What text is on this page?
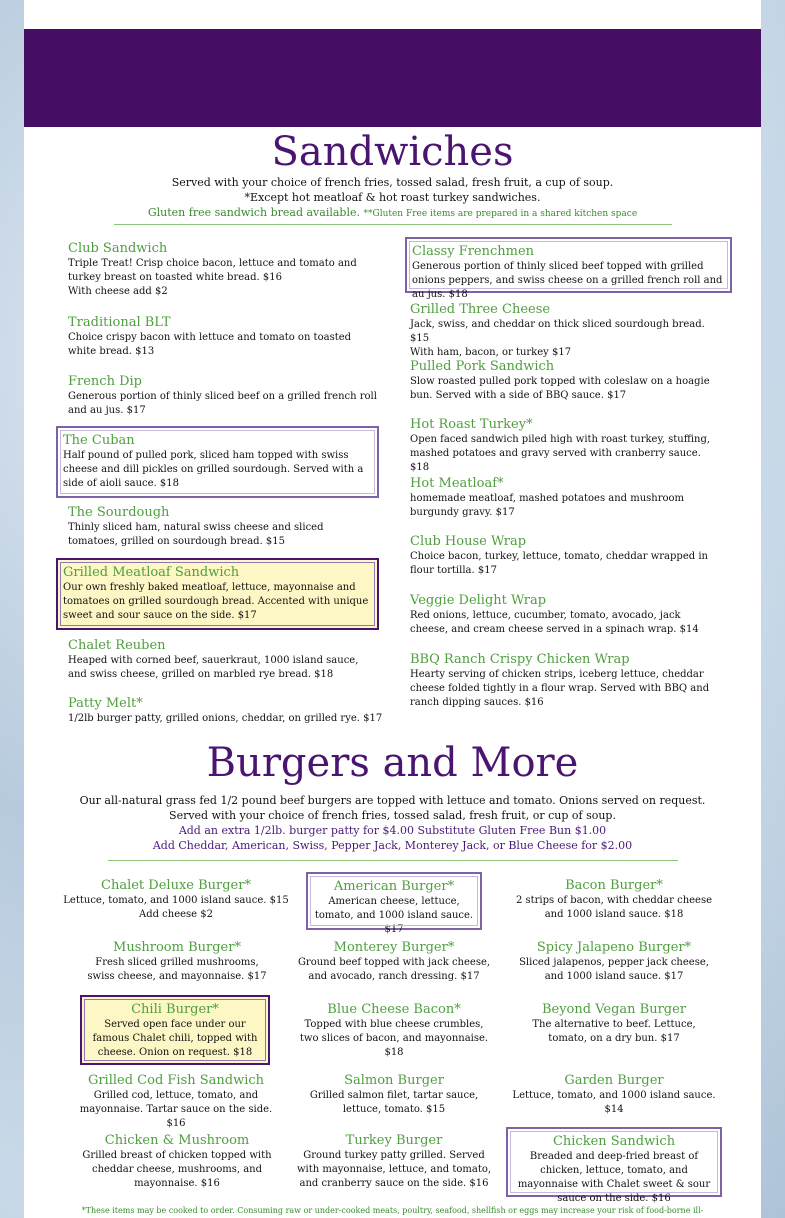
Sandwiches
Served with your choice of french fries, tossed salad, fresh fruit, a cup of soup.
*Except hot meatloaf & hot roast turkey sandwiches.
Gluten free sandwich bread available. **Gluten Free items are prepared in a shared kitchen space
Club Sandwich
Triple Treat! Crisp choice bacon, lettuce and tomato and turkey breast on toasted white bread. $16
With cheese add $2
Traditional BLT
Choice crispy bacon with lettuce and tomato on toasted white bread. $13
French Dip
Generous portion of thinly sliced beef on a grilled french roll and au jus. $17
The Cuban
Half pound of pulled pork, sliced ham topped with swiss cheese and dill pickles on grilled sourdough. Served with a side of aioli sauce. $18
The Sourdough
Thinly sliced ham, natural swiss cheese and sliced tomatoes, grilled on sourdough bread. $15
Grilled Meatloaf Sandwich
Our own freshly baked meatloaf, lettuce, mayonnaise and tomatoes on grilled sourdough bread. Accented with unique sweet and sour sauce on the side. $17
Chalet Reuben
Heaped with corned beef, sauerkraut, 1000 island sauce, and swiss cheese, grilled on marbled rye bread. $18
Patty Melt*
1/2lb burger patty, grilled onions, cheddar, on grilled rye. $17
Classy Frenchmen
Generous portion of thinly sliced beef topped with grilled onions peppers, and swiss cheese on a grilled french roll and au jus. $18
Grilled Three Cheese
Jack, swiss, and cheddar on thick sliced sourdough bread. $15
With ham, bacon, or turkey $17
Pulled Pork Sandwich
Slow roasted pulled pork topped with coleslaw on a hoagie bun. Served with a side of BBQ sauce. $17
Hot Roast Turkey*
Open faced sandwich piled high with roast turkey, stuffing, mashed potatoes and gravy served with cranberry sauce. $18
Hot Meatloaf*
homemade meatloaf, mashed potatoes and mushroom burgundy gravy. $17
Club House Wrap
Choice bacon, turkey, lettuce, tomato, cheddar wrapped in flour tortilla. $17
Veggie Delight Wrap
Red onions, lettuce, cucumber, tomato, avocado, jack cheese, and cream cheese served in a spinach wrap. $14
BBQ Ranch Crispy Chicken Wrap
Hearty serving of chicken strips, iceberg lettuce, cheddar cheese folded tightly in a flour wrap. Served with BBQ and ranch dipping sauces. $16
Burgers and More
Our all-natural grass fed 1/2 pound beef burgers are topped with lettuce and tomato. Onions served on request.
Served with your choice of french fries, tossed salad, fresh fruit, or cup of soup.
Add an extra 1/2lb. burger patty for $4.00 Substitute Gluten Free Bun $1.00
Add Cheddar, American, Swiss, Pepper Jack, Monterey Jack, or Blue Cheese for $2.00
Chalet Deluxe Burger*
Lettuce, tomato, and 1000 island sauce. $15
Add cheese $2
American Burger*
American cheese, lettuce, tomato, and 1000 island sauce. $17
Bacon Burger*
2 strips of bacon, with cheddar cheese and 1000 island sauce. $18
Mushroom Burger*
Fresh sliced grilled mushrooms, swiss cheese, and mayonnaise. $17
Monterey Burger*
Ground beef topped with jack cheese, and avocado, ranch dressing. $17
Spicy Jalapeno Burger*
Sliced jalapenos, pepper jack cheese, and 1000 island sauce. $17
Chili Burger*
Served open face under our famous Chalet chili, topped with cheese. Onion on request. $18
Blue Cheese Bacon*
Topped with blue cheese crumbles, two slices of bacon, and mayonnaise. $18
Beyond Vegan Burger
The alternative to beef. Lettuce, tomato, on a dry bun. $17
Grilled Cod Fish Sandwich
Grilled cod, lettuce, tomato, and mayonnaise. Tartar sauce on the side. $16
Salmon Burger
Grilled salmon filet, tartar sauce, lettuce, tomato. $15
Garden Burger
Lettuce, tomato, and 1000 island sauce. $14
Chicken & Mushroom
Grilled breast of chicken topped with cheddar cheese, mushrooms, and mayonnaise. $16
Turkey Burger
Ground turkey patty grilled. Served with mayonnaise, lettuce, and tomato, and cranberry sauce on the side. $16
Chicken Sandwich
Breaded and deep-fried breast of chicken, lettuce, tomato, and mayonnaise with Chalet sweet & sour sauce on the side. $16
*These items may be cooked to order. Consuming raw or under-cooked meats, poultry, seafood, shellfish or eggs may increase your risk of food-borne ill-
